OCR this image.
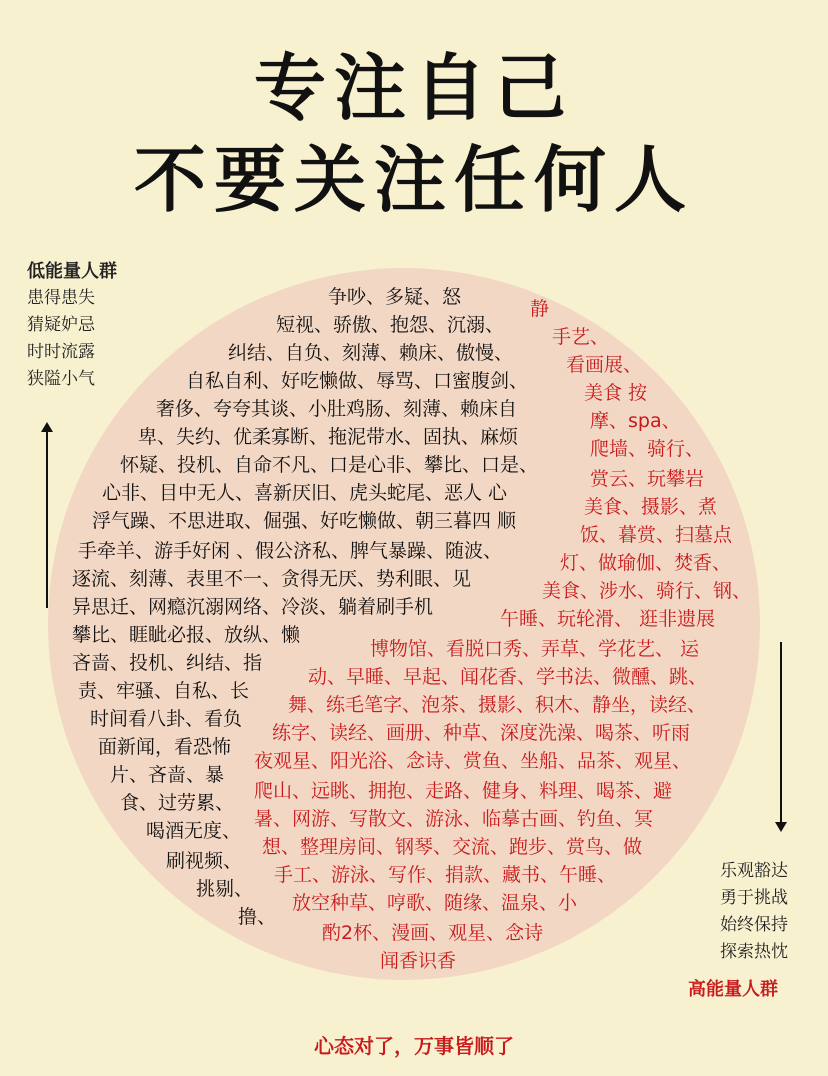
专注自己
不要关注任何人
低能量人群
患得患失
猜疑妒忌
时时流露
狭隘小气
乐观豁达
勇于挑战
始终保持
探索热忱
高能量人群
争吵、多疑、怒
短视、骄傲、抱怨、沉溺、
纠结、自负、刻薄、赖床、傲慢、
自私自利、好吃懒做、辱骂、口蜜腹剑、
奢侈、夸夸其谈、小肚鸡肠、刻薄、赖床自
卑、失约、优柔寡断、拖泥带水、固执、麻烦
怀疑、投机、自命不凡、口是心非、攀比、口是、
心非、目中无人、喜新厌旧、虎头蛇尾、恶人 心
浮气躁、不思进取、倔强、好吃懒做、朝三暮四 顺
手牵羊、游手好闲 、假公济私、脾气暴躁、随波、
逐流、刻薄、表里不一、贪得无厌、势利眼、见
异思迁、网瘾沉溺网络、冷淡、躺着刷手机
攀比、睚眦必报、放纵、懒
吝啬、投机、纠结、指
责、牢骚、自私、长
时间看八卦、看负
面新闻，看恐怖
片、吝啬、暴
食、过劳累、
喝酒无度、
刷视频、
挑剔、
撸、
静
手艺、
看画展、
美食 按
摩、spa、
爬墙、骑行、
赏云、玩攀岩
美食、摄影、煮
饭、暮赏、扫墓点
灯、做瑜伽、焚香、
美食、涉水、骑行、钢、
午睡、玩轮滑、 逛非遗展
博物馆、看脱口秀、弄草、学花艺、 运
动、早睡、早起、闻花香、学书法、微醺、跳、
舞、练毛笔字、泡茶、摄影、积木、静坐，读经、
练字、读经、画册、种草、深度洗澡、喝茶、听雨
夜观星、阳光浴、念诗、赏鱼、坐船、品茶、观星、
爬山、远眺、拥抱、走路、健身、料理、喝茶、避
暑、网游、写散文、游泳、临摹古画、钓鱼、冥
想、整理房间、钢琴、交流、跑步、赏鸟、做
手工、游泳、写作、捐款、藏书、午睡、
放空种草、哼歌、随缘、温泉、小
酌2杯、漫画、观星、念诗
闻香识香
心态对了，万事皆顺了
